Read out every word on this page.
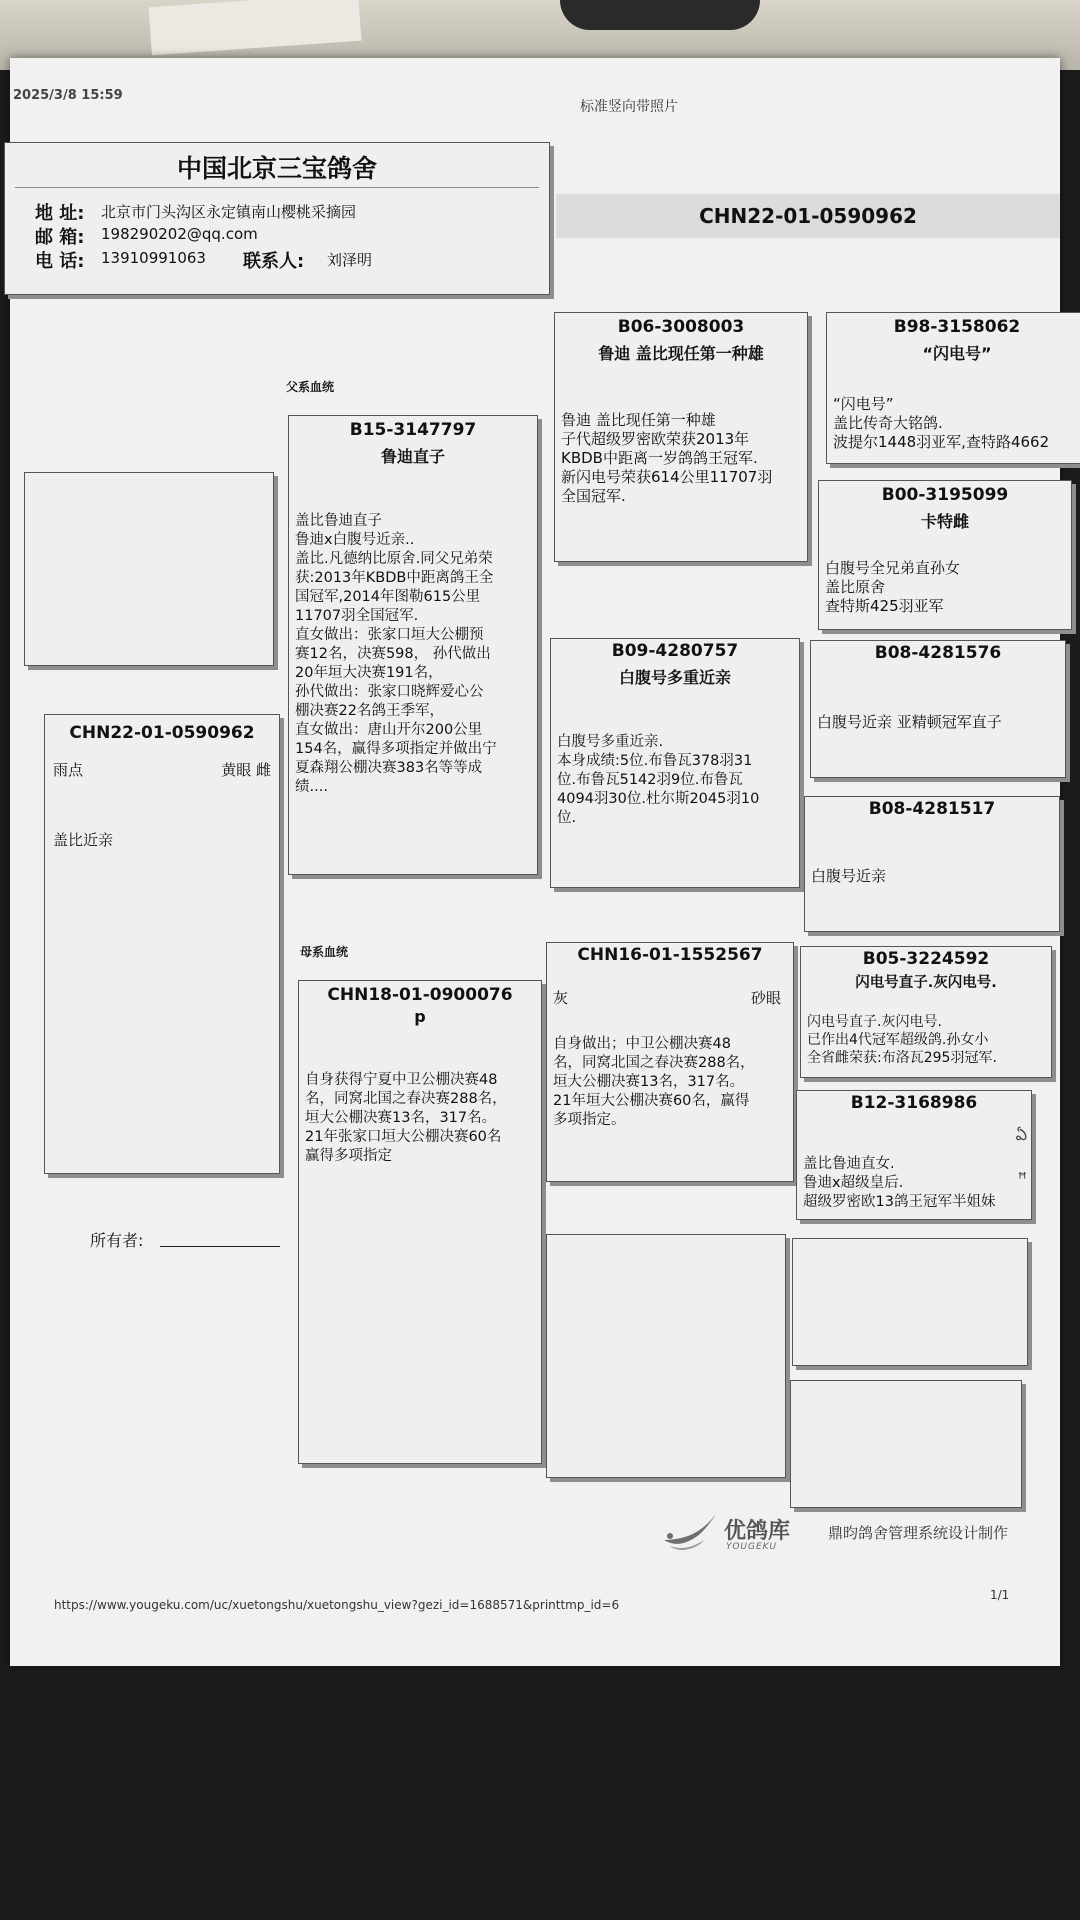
2025/3/8 15:59
标准竖向带照片
中国北京三宝鸽舍
地 址: 北京市门头沟区永定镇南山樱桃采摘园
邮 箱: 198290202@qq.com
电 话: 13910991063 联系人: 刘泽明
CHN22-01-0590962
CHN22-01-0590962
雨点	黄眼 雌
盖比近亲
所有者:
父系血统
母系血统
B15-3147797
鲁迪直子
盖比鲁迪直子
鲁迪x白腹号近亲..
盖比.凡德纳比原舍.同父兄弟荣
获:2013年KBDB中距离鸽王全
国冠军,2014年图勒615公里
11707羽全国冠军.
直女做出：张家口垣大公棚预
赛12名，决赛598， 孙代做出
20年垣大决赛191名，
孙代做出：张家口晓辉爱心公
棚决赛22名鸽王季军，
直女做出：唐山开尔200公里
154名，赢得多项指定并做出宁
夏森翔公棚决赛383名等等成
绩....
CHN18-01-0900076
p
自身获得宁夏中卫公棚决赛48
名，同窝北国之春决赛288名，
垣大公棚决赛13名，317名。
21年张家口垣大公棚决赛60名
赢得多项指定
B06-3008003
鲁迪 盖比现任第一种雄
鲁迪 盖比现任第一种雄
子代超级罗密欧荣获2013年
KBDB中距离一岁鸽鸽王冠军.
新闪电号荣获614公里11707羽
全国冠军.
B09-4280757
白腹号多重近亲
白腹号多重近亲.
本身成绩:5位.布鲁瓦378羽31
位.布鲁瓦5142羽9位.布鲁瓦
4094羽30位.杜尔斯2045羽10
位.
CHN16-01-1552567
灰	砂眼
自身做出；中卫公棚决赛48
名，同窝北国之春决赛288名，
垣大公棚决赛13名，317名。
21年垣大公棚决赛60名，赢得
多项指定。
B98-3158062
“闪电号”
“闪电号”
盖比传奇大铭鸽.
波提尔1448羽亚军,查特路4662
B00-3195099
卡特雌
白腹号全兄弟直孙女
盖比原舍
查特斯425羽亚军
B08-4281576
白腹号近亲 亚精顿冠军直子
B08-4281517
白腹号近亲
B05-3224592
闪电号直子.灰闪电号.
闪电号直子.灰闪电号.
已作出4代冠军超级鸽.孙女小
全省雌荣获:布洛瓦295羽冠军.
B12-3168986
盖比鲁迪直女.
鲁迪x超级皇后.
超级罗密欧13鸽王冠军半姐妹
ఏ
ꟸ
优鸽库
YOUGEKU
鼎昀鸽舍管理系统设计制作
https://www.yougeku.com/uc/xuetongshu/xuetongshu_view?gezi_id=1688571&printtmp_id=6
1/1
